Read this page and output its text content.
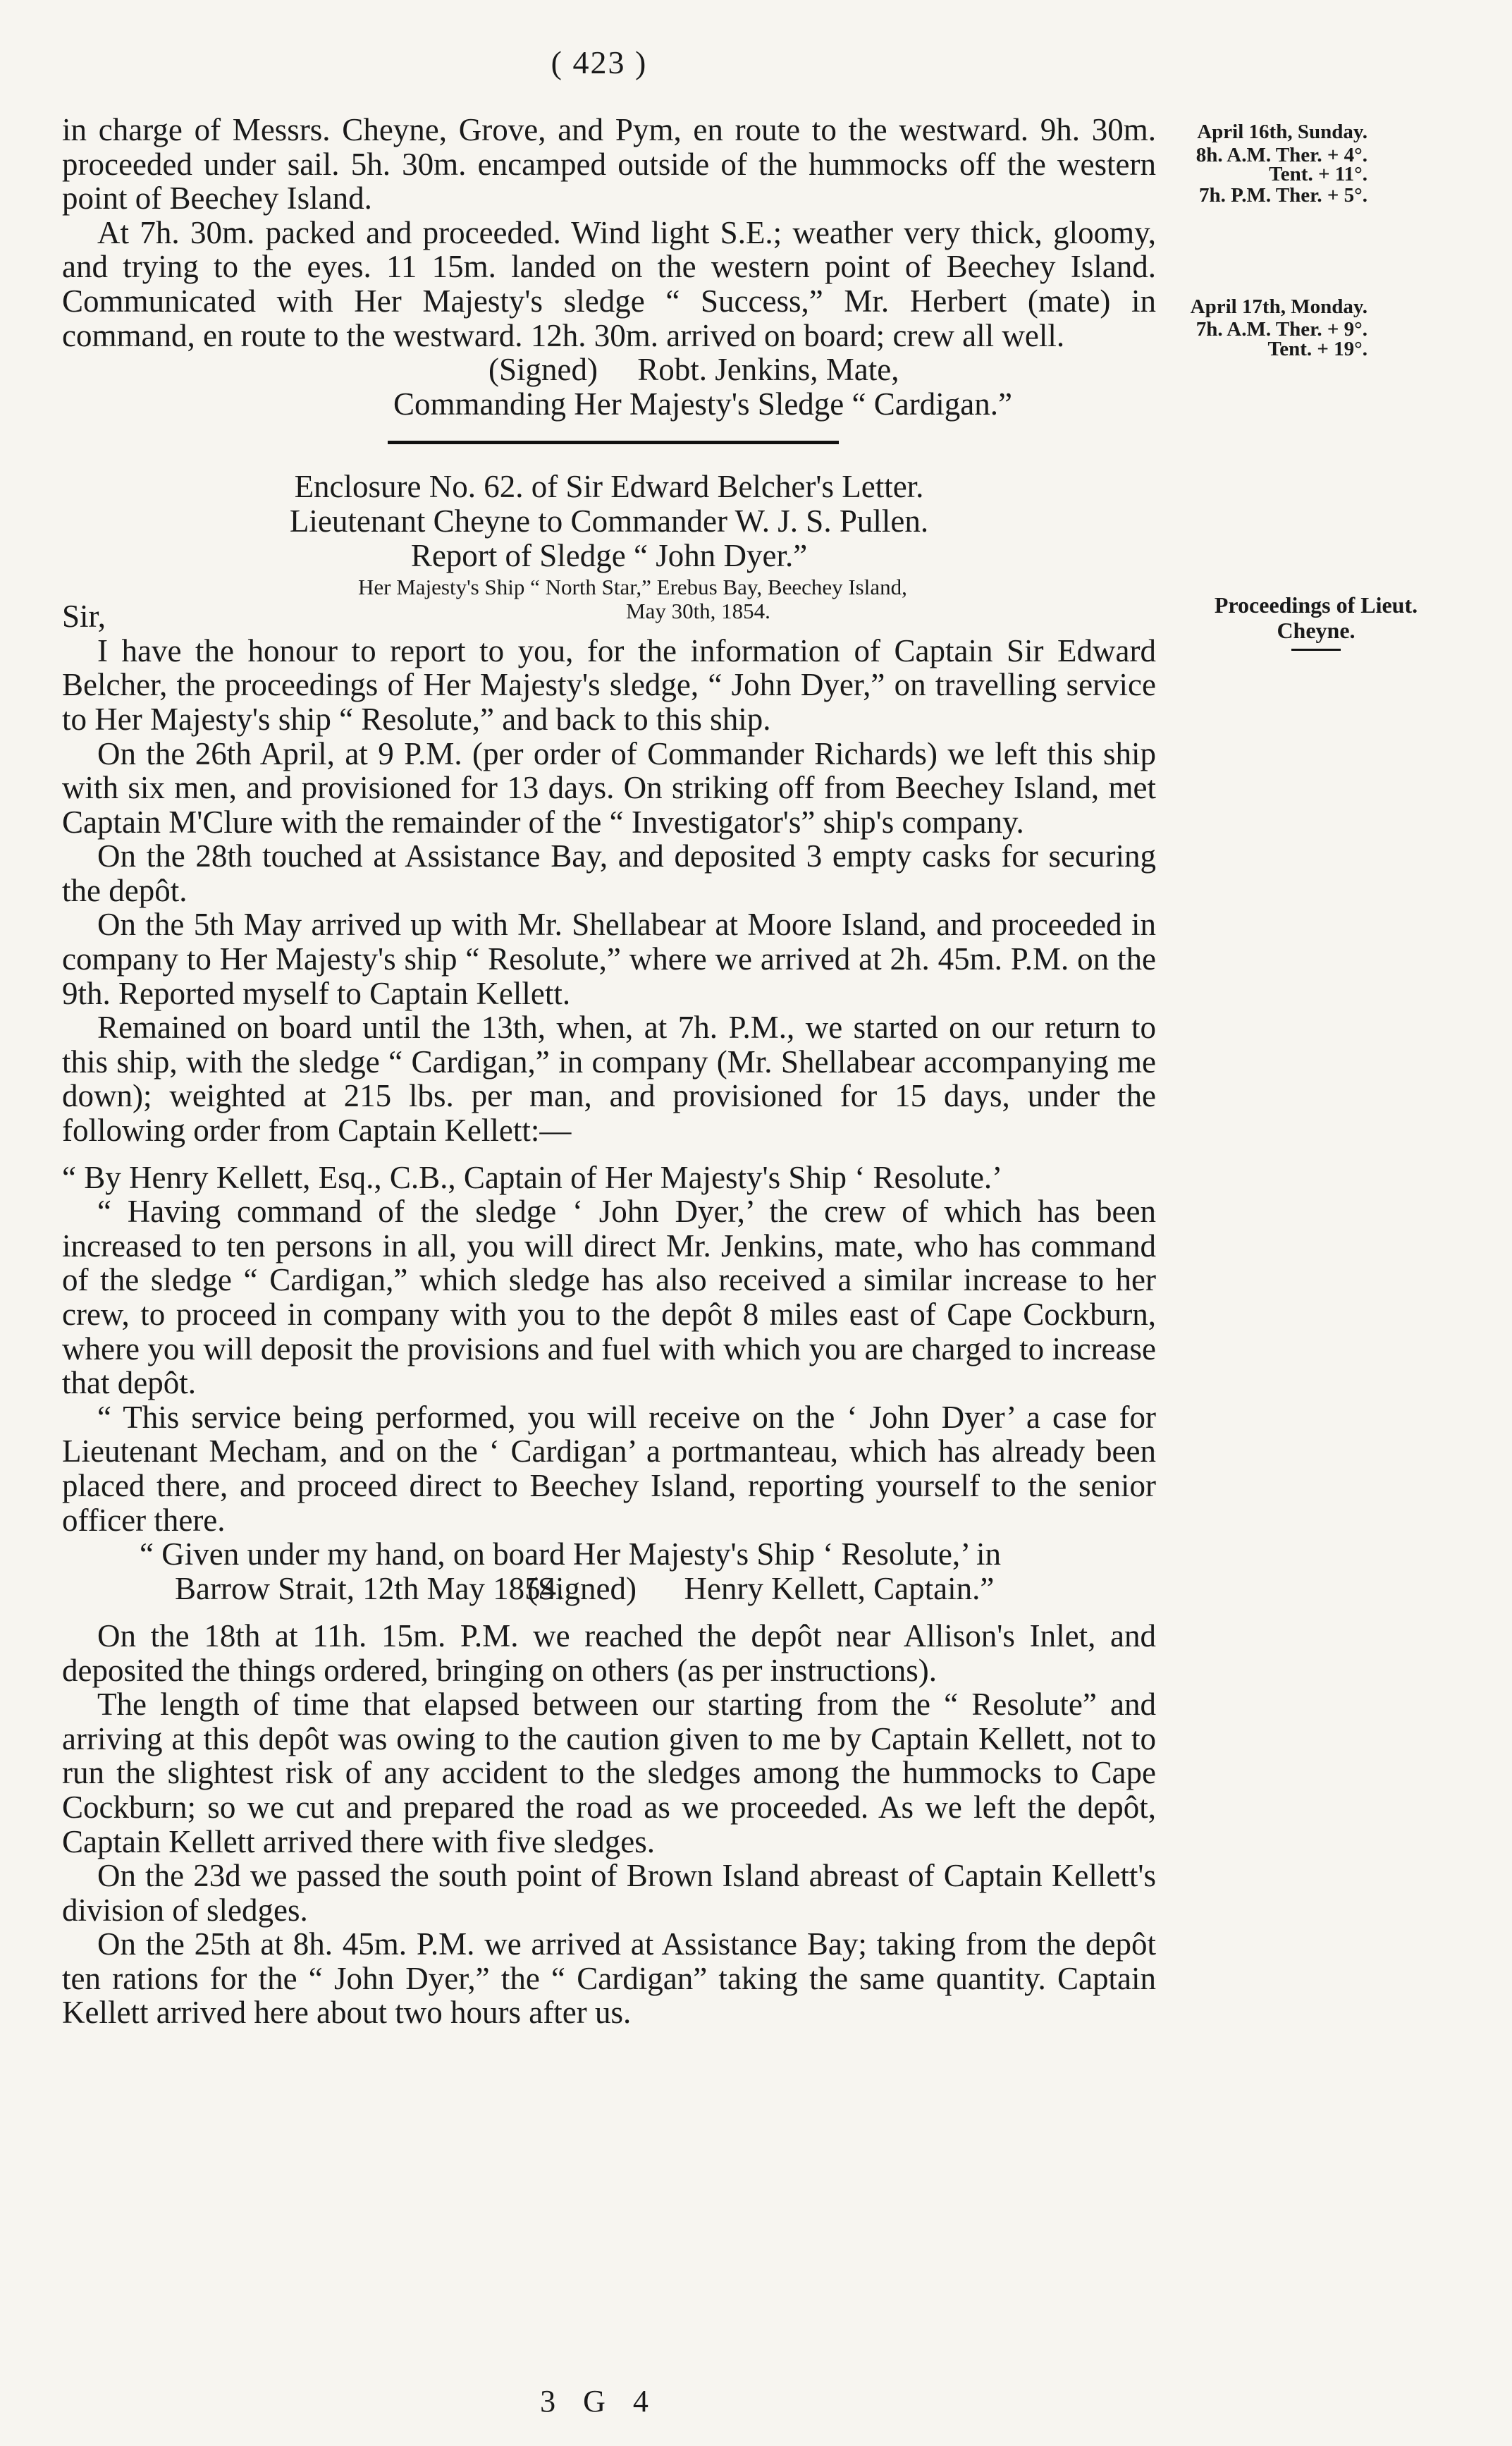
( 423 )
April 16th, Sunday.
8h. A.M. Ther. + 4°.
Tent. + 11°.
7h. P.M. Ther. + 5°.
April 17th, Monday.
7h. A.M. Ther. + 9°.
Tent. + 19°.
Proceedings of Lieut. Cheyne.

in charge of Messrs. Cheyne, Grove, and Pym, en route to the westward. 9h. 30m. proceeded under sail. 5h. 30m. encamped outside of the hummocks off the western point of Beechey Island.

At 7h. 30m. packed and proceeded. Wind light S.E.; weather very thick, gloomy, and trying to the eyes. 11 15m. landed on the western point of Beechey Island. Communicated with Her Majesty's sledge “ Success,” Mr. Herbert (mate) in command, en route to the westward. 12h. 30m. arrived on board; crew all well.

(Signed)     Robt. Jenkins, Mate,

Commanding Her Majesty's Sledge “ Cardigan.”

Enclosure No. 62. of Sir Edward Belcher's Letter.

Lieutenant Cheyne to Commander W. J. S. Pullen.

Report of Sledge “ John Dyer.”

Her Majesty's Ship “ North Star,” Erebus Bay, Beechey Island,

May 30th, 1854.

Sir,

I have the honour to report to you, for the information of Captain Sir Edward Belcher, the proceedings of Her Majesty's sledge, “ John Dyer,” on travelling service to Her Majesty's ship “ Resolute,” and back to this ship.

On the 26th April, at 9 P.M. (per order of Commander Richards) we left this ship with six men, and provisioned for 13 days. On striking off from Beechey Island, met Captain M'Clure with the remainder of the “ Investigator's” ship's company.

On the 28th touched at Assistance Bay, and deposited 3 empty casks for securing the depôt.

On the 5th May arrived up with Mr. Shellabear at Moore Island, and proceeded in company to Her Majesty's ship “ Resolute,” where we arrived at 2h. 45m. P.M. on the 9th. Reported myself to Captain Kellett.

Remained on board until the 13th, when, at 7h. P.M., we started on our return to this ship, with the sledge “ Cardigan,” in company (Mr. Shellabear accompanying me down); weighted at 215 lbs. per man, and provisioned for 15 days, under the following order from Captain Kellett:—

“ By Henry Kellett, Esq., C.B., Captain of Her Majesty's Ship ‘ Resolute.’

“ Having command of the sledge ‘ John Dyer,’ the crew of which has been increased to ten persons in all, you will direct Mr. Jenkins, mate, who has command of the sledge “ Cardigan,” which sledge has also received a similar increase to her crew, to proceed in company with you to the depôt 8 miles east of Cape Cockburn, where you will deposit the provisions and fuel with which you are charged to increase that depôt.

“ This service being performed, you will receive on the ‘ John Dyer’ a case for Lieutenant Mecham, and on the ‘ Cardigan’ a portmanteau, which has already been placed there, and proceed direct to Beechey Island, reporting yourself to the senior officer there.

“ Given under my hand, on board Her Majesty's Ship ‘ Resolute,’ in

Barrow Strait, 12th May 1854.

(Signed)      Henry Kellett, Captain.”

On the 18th at 11h. 15m. P.M. we reached the depôt near Allison's Inlet, and deposited the things ordered, bringing on others (as per instructions).

The length of time that elapsed between our starting from the “ Resolute” and arriving at this depôt was owing to the caution given to me by Captain Kellett, not to run the slightest risk of any accident to the sledges among the hummocks to Cape Cockburn; so we cut and prepared the road as we proceeded. As we left the depôt, Captain Kellett arrived there with five sledges.

On the 23d we passed the south point of Brown Island abreast of Captain Kellett's division of sledges.

On the 25th at 8h. 45m. P.M. we arrived at Assistance Bay; taking from the depôt ten rations for the “ John Dyer,” the “ Cardigan” taking the same quantity. Captain Kellett arrived here about two hours after us.

3 G 4
